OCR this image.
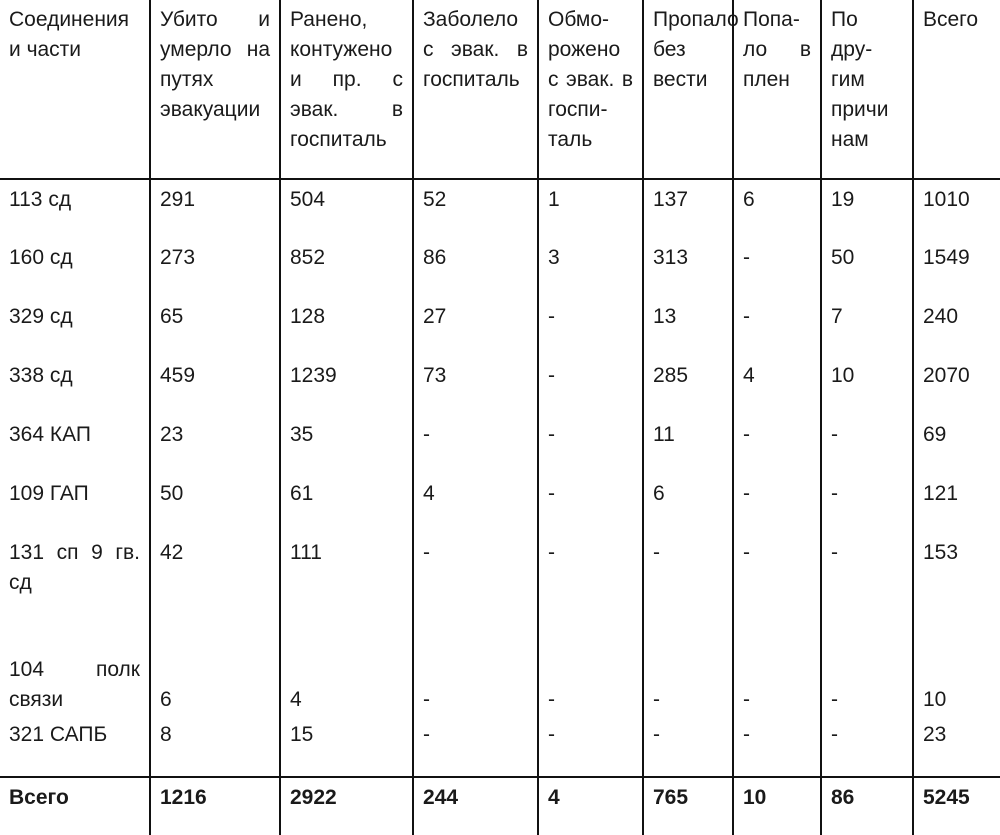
Соединения и части	Убито и умерло на путях эвакуации	Ранено, контужено и пр. с эвак. в госпиталь	Заболело с эвак. в госпиталь	Обмо-рожено с эвак. в госпи-таль	Пропало без вести	Попа-ло в плен	По дру-гим причи нам	Всего
113 сд	291	504	52	1	137	6	19	1010
160 сд	273	852	86	3	313	-	50	1549
329 сд	65	128	27	-	13	-	7	240
338 сд	459	1239	73	-	285	4	10	2070
364 КАП	23	35	-	-	11	-	-	69
109 ГАП	50	61	4	-	6	-	-	121
131 сп 9 гв. сд	42	111	-	-	-	-	-	153
104 полк связи	6	4	-	-	-	-	-	10
321 САПБ	8	15	-	-	-	-	-	23
Всего	1216	2922	244	4	765	10	86	5245
